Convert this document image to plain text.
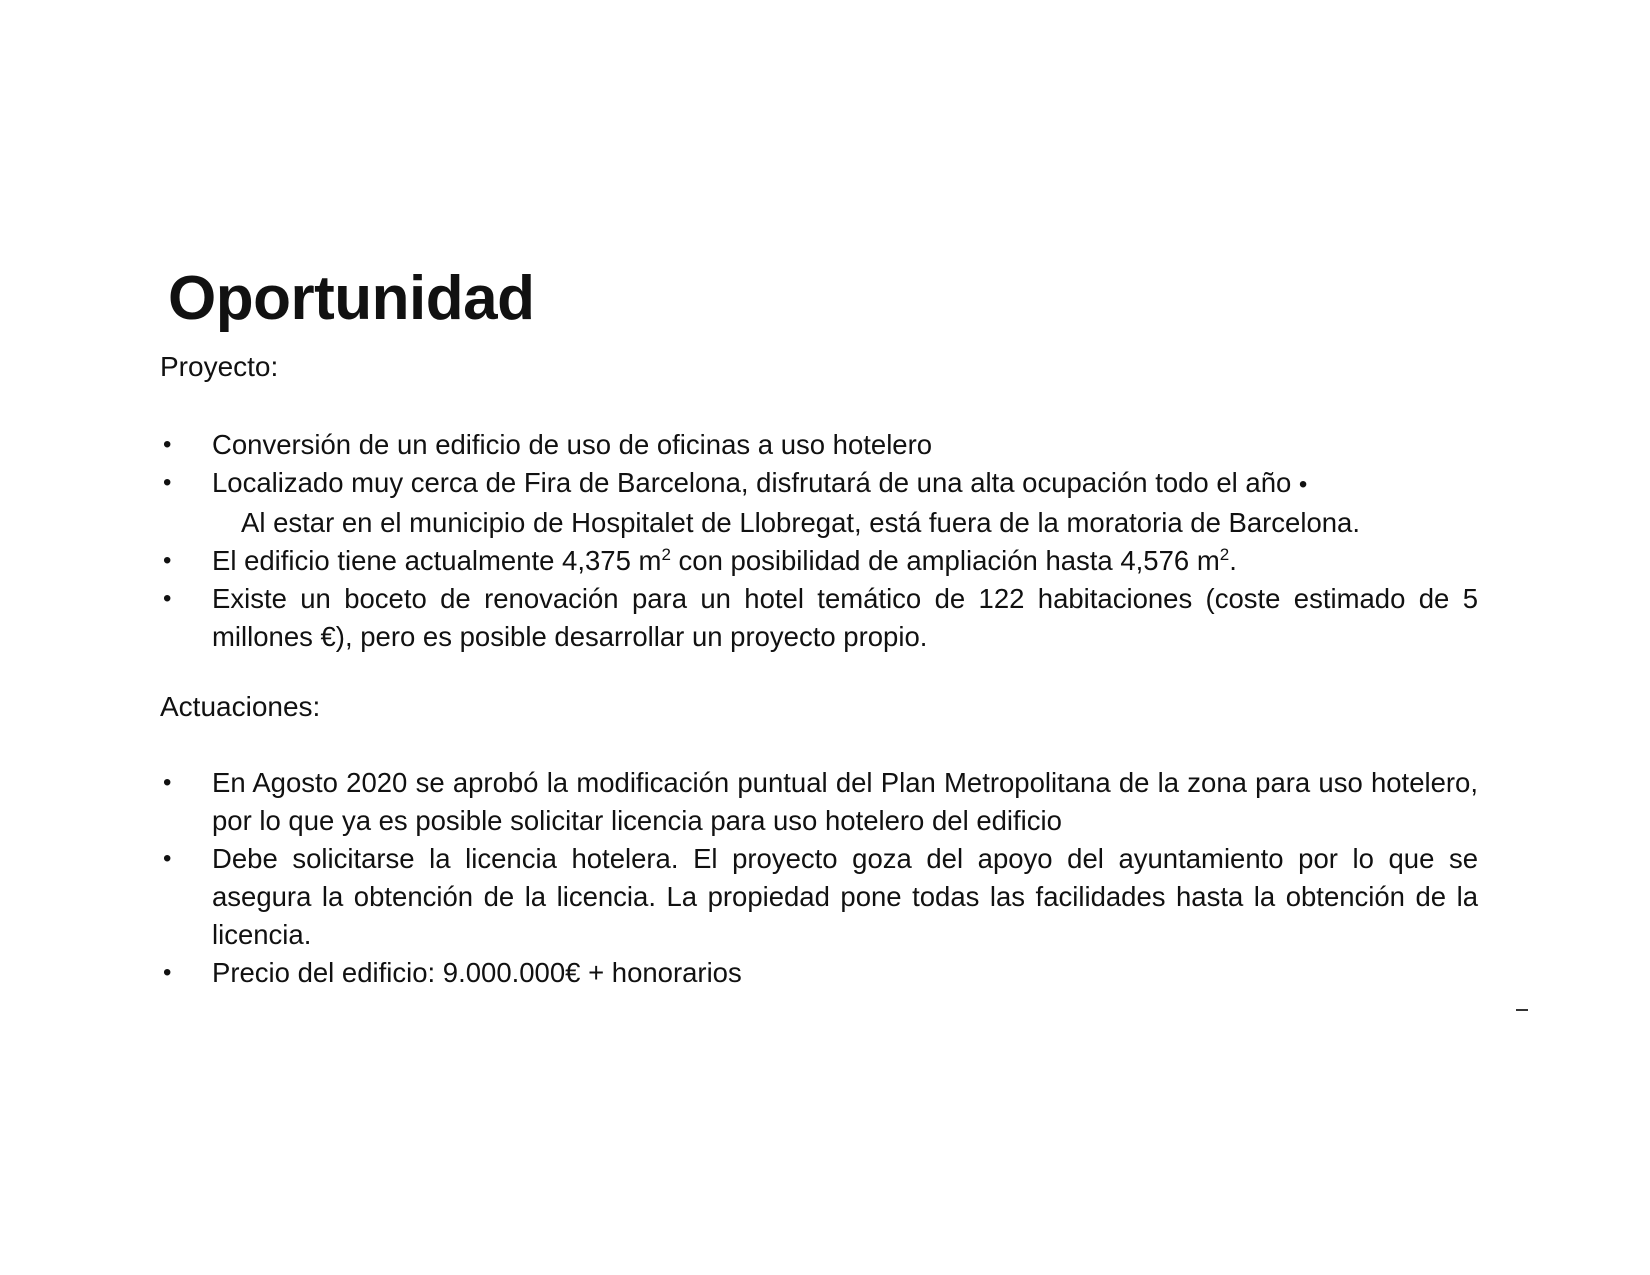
Oportunidad

Proyecto:

• Conversión de un edificio de uso de oficinas a uso hotelero
• Localizado muy cerca de Fira de Barcelona, disfrutará de una alta ocupación todo el año •
Al estar en el municipio de Hospitalet de Llobregat, está fuera de la moratoria de Barcelona.
• El edificio tiene actualmente 4,375 $m^2$ con posibilidad de ampliación hasta 4,576 $m^2$.
• Existe un boceto de renovación para un hotel temático de 122 habitaciones (coste estimado de 5 millones €), pero es posible desarrollar un proyecto propio.

Actuaciones:

• En Agosto 2020 se aprobó la modificación puntual del Plan Metropolitana de la zona para uso hotelero, por lo que ya es posible solicitar licencia para uso hotelero del edificio
• Debe solicitarse la licencia hotelera. El proyecto goza del apoyo del ayuntamiento por lo que se asegura la obtención de la licencia. La propiedad pone todas las facilidades hasta la obtención de la licencia.
• Precio del edificio: 9.000.000€ + honorarios
